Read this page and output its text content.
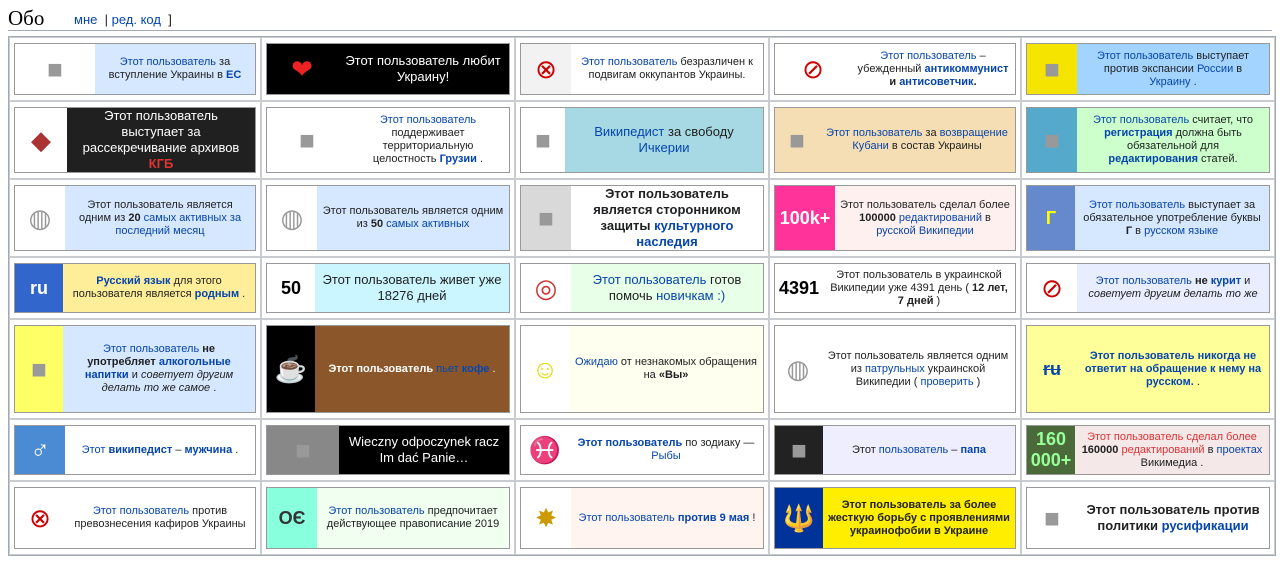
Обо мне | ред. код ]
■	Этот пользователь за вступление Украины в ЕС	❤	Этот пользователь любит Украину!	⊗	Этот пользователь безразличен к подвигам оккупантов Украины.	⊘	Этот пользователь – убежденный антикоммунист и антисоветчик.	■	Этот пользователь выступает против экспансии России в Украину .
◆
Этот пользователь выступает за рассекречивание архивов КГБ
■
Этот пользователь поддерживает территориальную целостность Грузии .
■	Википедист за свободу Ичкерии	■	Этот пользователь за возвращение Кубани в состав Украины	■
Этот пользователь считает, что регистрация должна быть обязательной для редактирования статей.
◍	Этот пользователь является одним из 20 самых активных за последний месяц	◍	Этот пользователь является одним из 50 самых активных	■
Этот пользователь является сторонником защиты культурного наследия
100k+
Этот пользователь сделал более 100000 редактирований в русской Википедии
Г
Этот пользователь выступает за обязательное употребление буквы Г в русском языке
ru	Русский язык для этого пользователя является родным .	50	Этот пользователь живет уже 18276 дней	◎	Этот пользователь готов помочь новичкам :)	4391
Этот пользователь в украинской Википедии уже 4391 день ( 12 лет, 7 дней )	⊘	Этот пользователь не курит и советует другим делать то же
■
Этот пользователь не употребляет алкогольные напитки и советует другим делать то же самое .
☕	Этот пользователь пьет кофе .	☺	Ожидаю от незнакомых обращения на «Вы»	◍	Этот пользователь является одним из патрульных украинской Википедии ( проверить )
ru
Этот пользователь никогда не ответит на обращение к нему на русском. .
♂	Этот википедист – мужчина .	■	Wieczny odpoczynek racz Im dać Panie…	♓	Этот пользователь по зодиаку — Рыбы	■	Этот пользователь – папа
160 000+
Этот пользователь сделал более 160000 редактирований в проектах Викимедиа .
⊗	Этот пользователь против превознесения кафиров Украины	ОЄ	Этот пользователь предпочитает действующее правописание 2019	✸	Этот пользователь против 9 мая ! 🔱	Этот пользователь за более жесткую борьбу с проявлениями украинофобии в Украине	■	Этот пользователь против политики русификации
